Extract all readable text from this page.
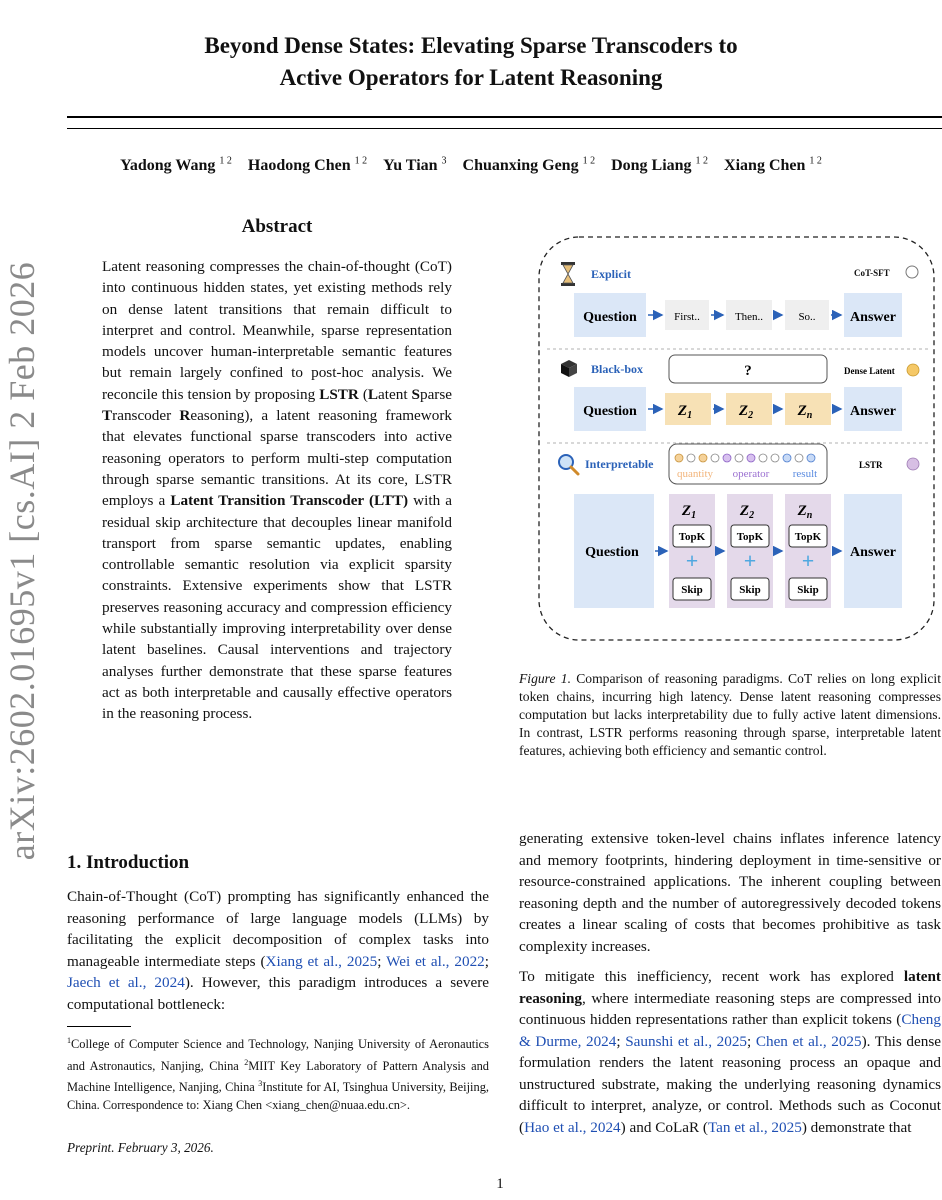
Beyond Dense States: Elevating Sparse Transcoders to
Active Operators for Latent Reasoning
Yadong Wang $^{1 2}$ Haodong Chen $^{1 2}$ Yu Tian $^3$ Chuanxing Geng $^{1 2}$ Dong Liang $^{1 2}$ Xiang Chen $^{1 2}$
arXiv:2602.01695v1 [cs.AI] 2 Feb 2026
Abstract
Latent reasoning compresses the chain-of-thought (CoT) into continuous hidden states, yet existing methods rely on dense latent transitions that remain difficult to interpret and control. Meanwhile, sparse representation models uncover human-interpretable semantic features but remain largely confined to post-hoc analysis. We reconcile this tension by proposing LSTR (Latent Sparse Transcoder Reasoning), a latent reasoning framework that elevates functional sparse transcoders into active reasoning operators to perform multi-step computation through sparse semantic transitions. At its core, LSTR employs a Latent Transition Transcoder (LTT) with a residual skip architecture that decouples linear manifold transport from sparse semantic updates, enabling controllable semantic resolution via explicit sparsity constraints. Extensive experiments show that LSTR preserves reasoning accuracy and compression efficiency while substantially improving interpretability over dense latent baselines. Causal interventions and trajectory analyses further demonstrate that these sparse features act as both interpretable and causally effective operators in the reasoning process.
Explicit	CoT-SFT
Question	First..	Then..	So.. Answer
Black-box	?	Dense Latent
Question	$Z_1$	$Z_2$	$Z_n$	Answer
Interpretable
quantity operator result
LSTR
Question	Answer
$Z_1$
TopK
+
Skip
$Z_2$
TopK
+
Skip
$Z_n$
TopK
+
Skip
Figure 1. Comparison of reasoning paradigms. CoT relies on long explicit token chains, incurring high latency. Dense latent reasoning compresses computation but lacks interpretability due to fully active latent dimensions. In contrast, LSTR performs reasoning through sparse, interpretable latent features, achieving both efficiency and semantic control.
1. Introduction
Chain-of-Thought (CoT) prompting has significantly enhanced the reasoning performance of large language models (LLMs) by facilitating the explicit decomposition of complex tasks into manageable intermediate steps (Xiang et al., 2025; Wei et al., 2022; Jaech et al., 2024). However, this paradigm introduces a severe computational bottleneck:
$^1$College of Computer Science and Technology, Nanjing University of Aeronautics and Astronautics, Nanjing, China $^2$MIIT Key Laboratory of Pattern Analysis and Machine Intelligence, Nanjing, China $^3$Institute for AI, Tsinghua University, Beijing, China. Correspondence to: Xiang Chen <xiang_chen@nuaa.edu.cn>.
Preprint. February 3, 2026.
1
generating extensive token-level chains inflates inference latency and memory footprints, hindering deployment in time-sensitive or resource-constrained applications. The inherent coupling between reasoning depth and the number of autoregressively decoded tokens creates a linear scaling of costs that becomes prohibitive as task complexity increases.
To mitigate this inefficiency, recent work has explored latent reasoning, where intermediate reasoning steps are compressed into continuous hidden representations rather than explicit tokens (Cheng & Durme, 2024; Saunshi et al., 2025; Chen et al., 2025). This dense formulation renders the latent reasoning process an opaque and unstructured substrate, making the underlying reasoning dynamics difficult to interpret, analyze, or control. Methods such as Coconut (Hao et al., 2024) and CoLaR (Tan et al., 2025) demonstrate that
